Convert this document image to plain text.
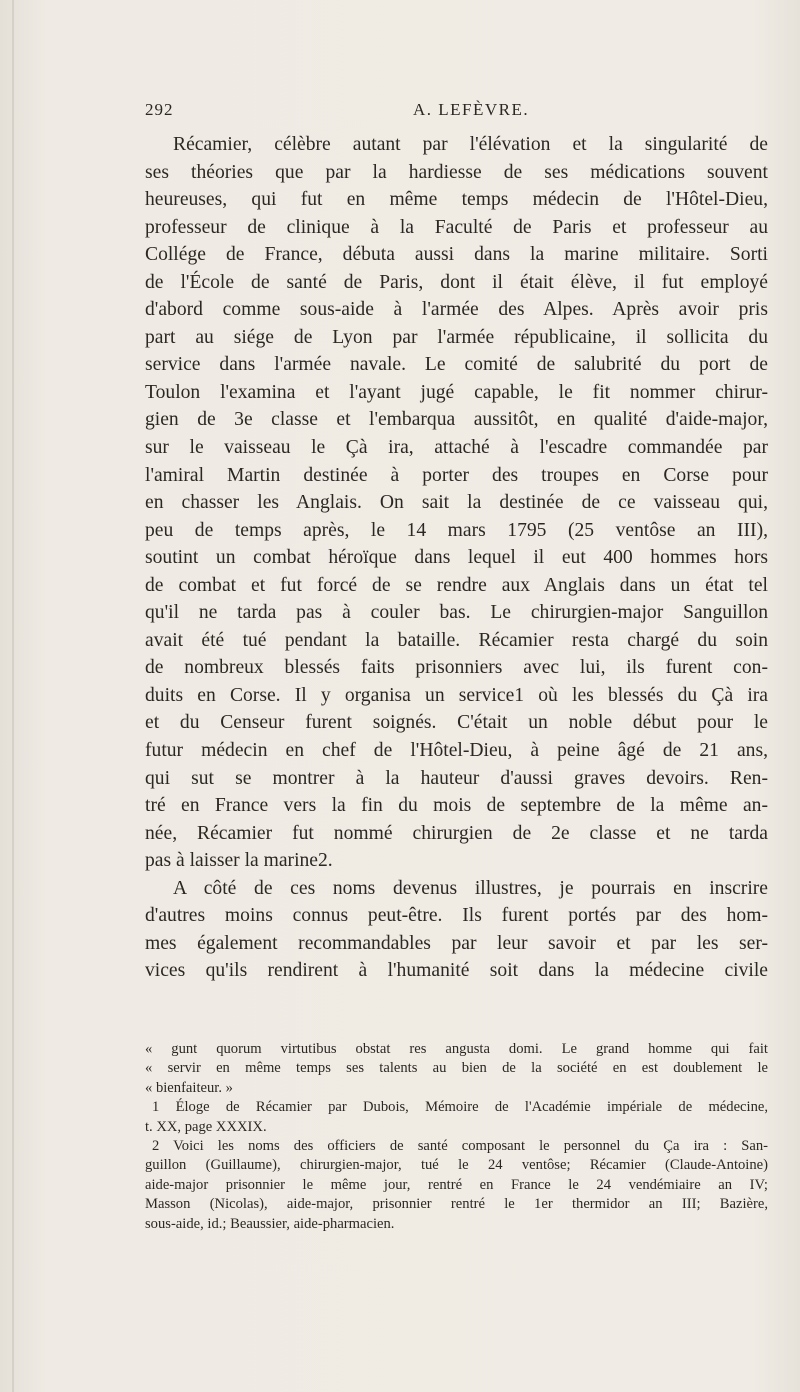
292	A. LEFÈVRE.
Récamier, célèbre autant par l'élévation et la singularité de
ses théories que par la hardiesse de ses médications souvent
heureuses, qui fut en même temps médecin de l'Hôtel-Dieu,
professeur de clinique à la Faculté de Paris et professeur au
Collége de France, débuta aussi dans la marine militaire. Sorti
de l'École de santé de Paris, dont il était élève, il fut employé
d'abord comme sous-aide à l'armée des Alpes. Après avoir pris
part au siége de Lyon par l'armée républicaine, il sollicita du
service dans l'armée navale. Le comité de salubrité du port de
Toulon l'examina et l'ayant jugé capable, le fit nommer chirur-
gien de 3e classe et l'embarqua aussitôt, en qualité d'aide-major,
sur le vaisseau le Çà ira, attaché à l'escadre commandée par
l'amiral Martin destinée à porter des troupes en Corse pour
en chasser les Anglais. On sait la destinée de ce vaisseau qui,
peu de temps après, le 14 mars 1795 (25 ventôse an III),
soutint un combat héroïque dans lequel il eut 400 hommes hors
de combat et fut forcé de se rendre aux Anglais dans un état tel
qu'il ne tarda pas à couler bas. Le chirurgien-major Sanguillon
avait été tué pendant la bataille. Récamier resta chargé du soin
de nombreux blessés faits prisonniers avec lui, ils furent con-
duits en Corse. Il y organisa un service1 où les blessés du Çà ira
et du Censeur furent soignés. C'était un noble début pour le
futur médecin en chef de l'Hôtel-Dieu, à peine âgé de 21 ans,
qui sut se montrer à la hauteur d'aussi graves devoirs. Ren-
tré en France vers la fin du mois de septembre de la même an-
née, Récamier fut nommé chirurgien de 2e classe et ne tarda
pas à laisser la marine2.
A côté de ces noms devenus illustres, je pourrais en inscrire
d'autres moins connus peut-être. Ils furent portés par des hom-
mes également recommandables par leur savoir et par les ser-
vices qu'ils rendirent à l'humanité soit dans la médecine civile
« gunt quorum virtutibus obstat res angusta domi. Le grand homme qui fait
« servir en même temps ses talents au bien de la société en est doublement le
« bienfaiteur. »
1 Éloge de Récamier par Dubois, Mémoire de l'Académie impériale de médecine,
t. XX, page XXXIX.
2 Voici les noms des officiers de santé composant le personnel du Ça ira : San-
guillon (Guillaume), chirurgien-major, tué le 24 ventôse; Récamier (Claude-Antoine)
aide-major prisonnier le même jour, rentré en France le 24 vendémiaire an IV;
Masson (Nicolas), aide-major, prisonnier rentré le 1er thermidor an III; Bazière,
sous-aide, id.; Beaussier, aide-pharmacien.
